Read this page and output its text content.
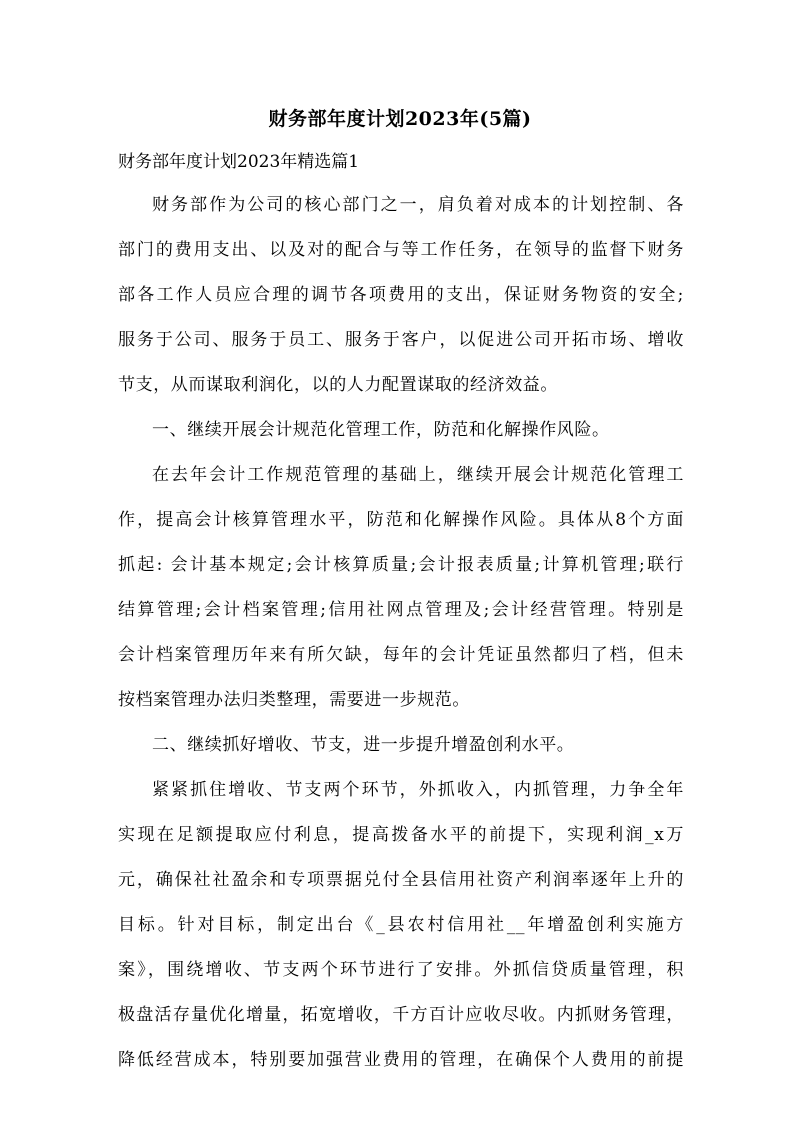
财务部年度计划2023年(5篇)
财务部年度计划2023年精选篇1
财务部作为公司的核心部门之一，肩负着对成本的计划控制、各
部门的费用支出、以及对的配合与等工作任务，在领导的监督下财务
部各工作人员应合理的调节各项费用的支出，保证财务物资的安全;
服务于公司、服务于员工、服务于客户，以促进公司开拓市场、增收
节支，从而谋取利润化，以的人力配置谋取的经济效益。
一、继续开展会计规范化管理工作，防范和化解操作风险。
在去年会计工作规范管理的基础上，继续开展会计规范化管理工
作，提高会计核算管理水平，防范和化解操作风险。具体从8个方面
抓起: 会计基本规定;会计核算质量;会计报表质量;计算机管理;联行
结算管理;会计档案管理;信用社网点管理及;会计经营管理。特别是
会计档案管理历年来有所欠缺，每年的会计凭证虽然都归了档，但未
按档案管理办法归类整理，需要进一步规范。
二、继续抓好增收、节支，进一步提升增盈创利水平。
紧紧抓住增收、节支两个环节，外抓收入，内抓管理，力争全年
实现在足额提取应付利息，提高拨备水平的前提下，实现利润_x万
元，确保社社盈余和专项票据兑付全县信用社资产利润率逐年上升的
目标。针对目标，制定出台《_县农村信用社__年增盈创利实施方
案》，围绕增收、节支两个环节进行了安排。外抓信贷质量管理，积
极盘活存量优化增量，拓宽增收，千方百计应收尽收。内抓财务管理，
降低经营成本，特别要加强营业费用的管理，在确保个人费用的前提
